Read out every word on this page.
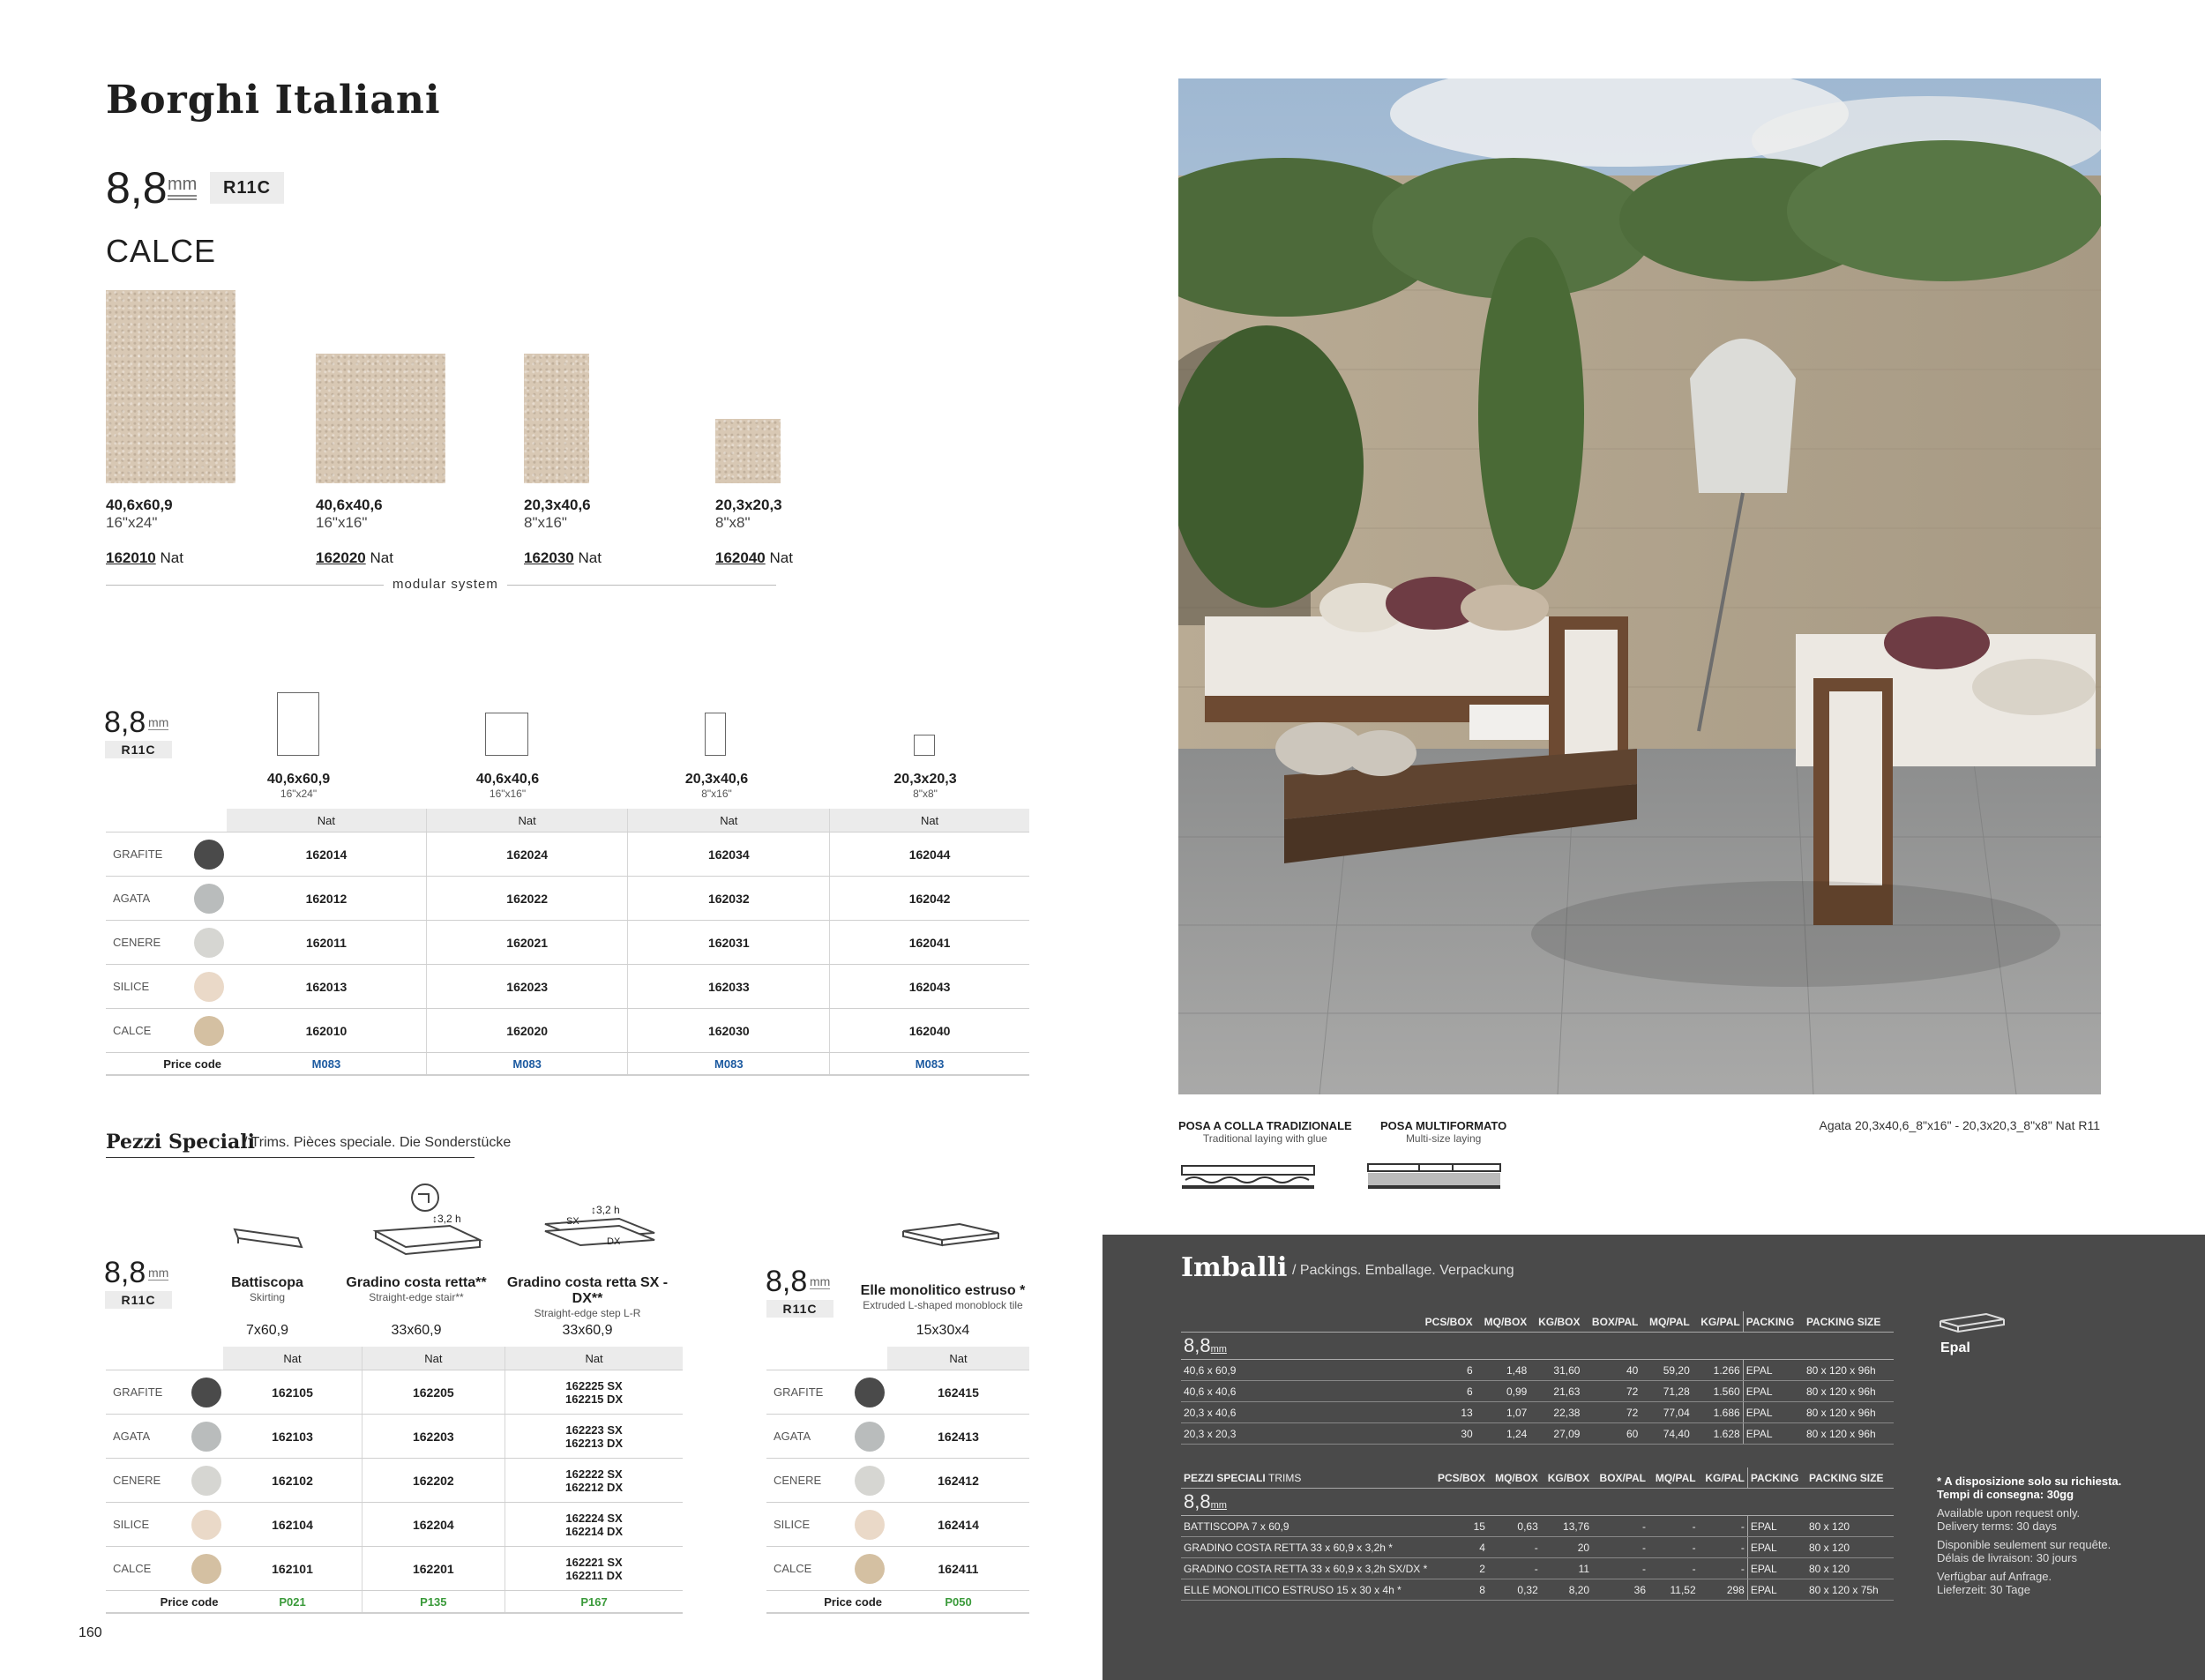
Borghi Italiani
8,8 mm	R11C
CALCE
40,6x60,9
16"x24"
162010 Nat
40,6x40,6
16"x16"
162020 Nat
20,3x40,6
8"x16"
162030 Nat
20,3x20,3
8"x8"
162040 Nat
modular system
8,8 mm
R11C
40,6x60,9
16"x24"
40,6x40,6
16"x16"
20,3x40,6
8"x16"
20,3x20,3
8"x8"
		Nat	Nat	Nat	Nat
GRAFITE		162014	162024	162034	162044
AGATA		162012	162022	162032	162042
CENERE		162011	162021	162031	162041
SILICE		162013	162023	162033	162043
CALCE		162010	162020	162030	162040
Price code		M083	M083	M083	M083
Pezzi Speciali
/ Trims. Pièces speciale. Die Sonderstücke
↕3,2 h
↕3,2 h
SX
DX
8,8 mm
R11C
Battiscopa
Skirting
Gradino costa retta**
Straight-edge stair**
Gradino costa retta SX - DX**
Straight-edge step L-R
7x60,9	33x60,9	33x60,9
		Nat	Nat	Nat
GRAFITE		162105	162205	162225 SX
162215 DX

AGATA		162103	162203	162223 SX
162213 DX

CENERE		162102	162202	162222 SX
162212 DX

SILICE		162104	162204	162224 SX
162214 DX

CALCE		162101	162201	162221 SX
162211 DX

Price code		P021	P135	P167
8,8 mm
R11C
Elle monolitico estruso *
Extruded L-shaped monoblock tile
15x30x4
		Nat
GRAFITE		162415
AGATA		162413
CENERE		162412
SILICE		162414
CALCE		162411
Price code		P050
160
POSA A COLLA TRADIZIONALE
Traditional laying with glue
POSA MULTIFORMATO
Multi-size laying
Agata 20,3x40,6_8"x16" - 20,3x20,3_8"x8" Nat R11
Imballi / Packings. Emballage. Verpackung
	PCS/BOX	MQ/BOX	KG/BOX	BOX/PAL	MQ/PAL	KG/PAL	PACKING	PACKING SIZE
8,8mm								
40,6 x 60,9	6	1,48	31,60	40	59,20	1.266	EPAL	80 x 120 x 96h
40,6 x 40,6	6	0,99	21,63	72	71,28	1.560	EPAL	80 x 120 x 96h
20,3 x 40,6	13	1,07	22,38	72	77,04	1.686	EPAL	80 x 120 x 96h
20,3 x 20,3	30	1,24	27,09	60	74,40	1.628	EPAL	80 x 120 x 96h
PEZZI SPECIALI TRIMS	PCS/BOX	MQ/BOX	KG/BOX	BOX/PAL	MQ/PAL	KG/PAL	PACKING	PACKING SIZE
8,8mm								
BATTISCOPA 7 x 60,9	15	0,63	13,76	-	-	-	EPAL	80 x 120
GRADINO COSTA RETTA 33 x 60,9 x 3,2h *	4	-	20	-	-	-	EPAL	80 x 120
GRADINO COSTA RETTA 33 x 60,9 x 3,2h SX/DX *	2	-	11	-	-	-	EPAL	80 x 120
ELLE MONOLITICO ESTRUSO 15 x 30 x 4h *	8	0,32	8,20	36	11,52	298	EPAL	80 x 120 x 75h
Epal
* A disposizione solo su richiesta.
Tempi di consegna: 30gg
Available upon request only.
Delivery terms: 30 days
Disponible seulement sur requête.
Délais de livraison: 30 jours
Verfügbar auf Anfrage.
Lieferzeit: 30 Tage
